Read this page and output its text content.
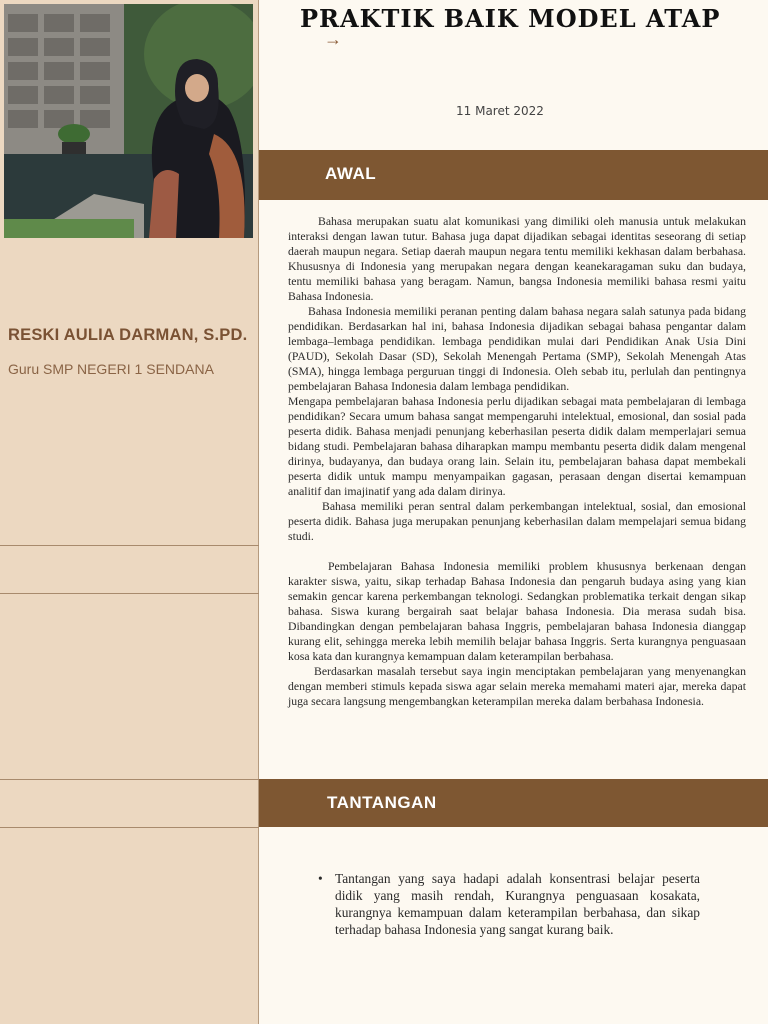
RESKI AULIA DARMAN, S.PD.
Guru SMP NEGERI 1 SENDANA
PRAKTIK BAIK MODEL ATAP
→
11 Maret 2022
AWAL

Bahasa merupakan suatu alat komunikasi yang dimiliki oleh manusia untuk melakukan interaksi dengan lawan tutur. Bahasa juga dapat dijadikan sebagai identitas seseorang di setiap daerah maupun negara. Setiap daerah maupun negara tentu memiliki kekhasan dalam berbahasa. Khususnya di Indonesia yang merupakan negara dengan keanekaragaman suku dan budaya, tentu memiliki bahasa yang beragam. Namun, bangsa Indonesia memiliki bahasa resmi yaitu Bahasa Indonesia.

Bahasa Indonesia memiliki peranan penting dalam bahasa negara salah satunya pada bidang pendidikan. Berdasarkan hal ini, bahasa Indonesia dijadikan sebagai bahasa pengantar dalam lembaga–lembaga pendidikan. lembaga pendidikan mulai dari Pendidikan Anak Usia Dini (PAUD), Sekolah Dasar (SD), Sekolah Menengah Pertama (SMP), Sekolah Menengah Atas (SMA), hingga lembaga perguruan tinggi di Indonesia. Oleh sebab itu, perlulah dan pentingnya pembelajaran Bahasa Indonesia dalam lembaga pendidikan.

Mengapa pembelajaran bahasa Indonesia perlu dijadikan sebagai mata pembelajaran di lembaga pendidikan? Secara umum bahasa sangat mempengaruhi intelektual, emosional, dan sosial pada peserta didik. Bahasa menjadi penunjang keberhasilan peserta didik dalam memperlajari semua bidang studi. Pembelajaran bahasa diharapkan mampu membantu peserta didik dalam mengenal dirinya, budayanya, dan budaya orang lain. Selain itu, pembelajaran bahasa dapat membekali peserta didik untuk mampu menyampaikan gagasan, perasaan dengan disertai kemampuan analitif dan imajinatif yang ada dalam dirinya.

Bahasa memiliki peran sentral dalam perkembangan intelektual, sosial, dan emosional peserta didik. Bahasa juga merupakan penunjang keberhasilan dalam mempelajari semua bidang studi.

Pembelajaran Bahasa Indonesia memiliki problem khususnya berkenaan dengan karakter siswa, yaitu, sikap terhadap Bahasa Indonesia dan pengaruh budaya asing yang kian semakin gencar karena perkembangan teknologi. Sedangkan problematika terkait dengan sikap bahasa. Siswa kurang bergairah saat belajar bahasa Indonesia. Dia merasa sudah bisa. Dibandingkan dengan pembelajaran bahasa Inggris, pembelajaran bahasa Indonesia dianggap kurang elit, sehingga mereka lebih memilih belajar bahasa Inggris. Serta kurangnya penguasaan kosa kata dan kurangnya kemampuan dalam keterampilan berbahasa.

Berdasarkan masalah tersebut saya ingin menciptakan pembelajaran yang menyenangkan dengan memberi stimuls kepada siswa agar selain mereka memahami materi ajar, mereka dapat juga secara langsung mengembangkan keterampilan mereka dalam berbahasa Indonesia.

TANTANGAN
• Tantangan yang saya hadapi adalah konsentrasi belajar peserta didik yang masih rendah, Kurangnya penguasaan kosakata, kurangnya kemampuan dalam keterampilan berbahasa, dan sikap terhadap bahasa Indonesia yang sangat kurang baik.
